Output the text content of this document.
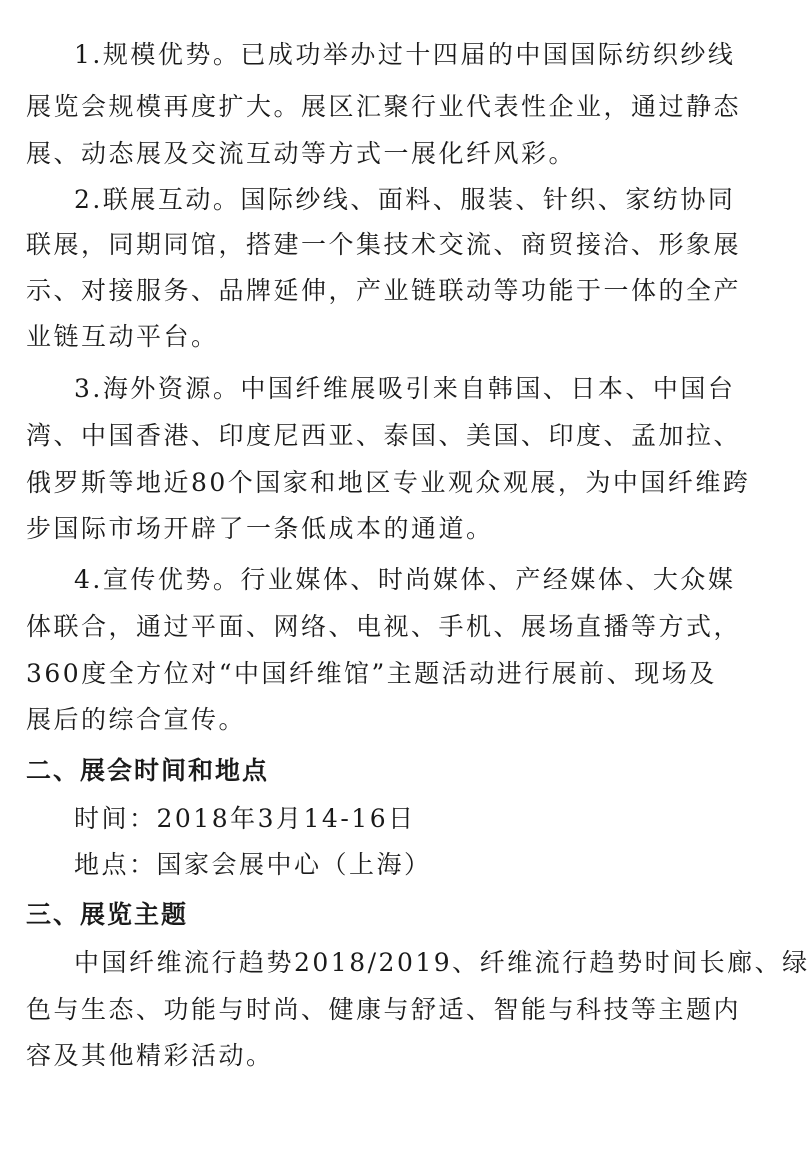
1.规模优势。已成功举办过十四届的中国国际纺织纱线
展览会规模再度扩大。展区汇聚行业代表性企业，通过静态
展、动态展及交流互动等方式一展化纤风彩。
2.联展互动。国际纱线、面料、服装、针织、家纺协同
联展，同期同馆，搭建一个集技术交流、商贸接洽、形象展
示、对接服务、品牌延伸，产业链联动等功能于一体的全产
业链互动平台。
3.海外资源。中国纤维展吸引来自韩国、日本、中国台
湾、中国香港、印度尼西亚、泰国、美国、印度、孟加拉、
俄罗斯等地近80个国家和地区专业观众观展，为中国纤维跨
步国际市场开辟了一条低成本的通道。
4.宣传优势。行业媒体、时尚媒体、产经媒体、大众媒
体联合，通过平面、网络、电视、手机、展场直播等方式，
360度全方位对“中国纤维馆”主题活动进行展前、现场及
展后的综合宣传。
二、展会时间和地点
时间：2018年3月14-16日
地点：国家会展中心（上海）
三、展览主题
中国纤维流行趋势2018/2019、纤维流行趋势时间长廊、绿
色与生态、功能与时尚、健康与舒适、智能与科技等主题内
容及其他精彩活动。
